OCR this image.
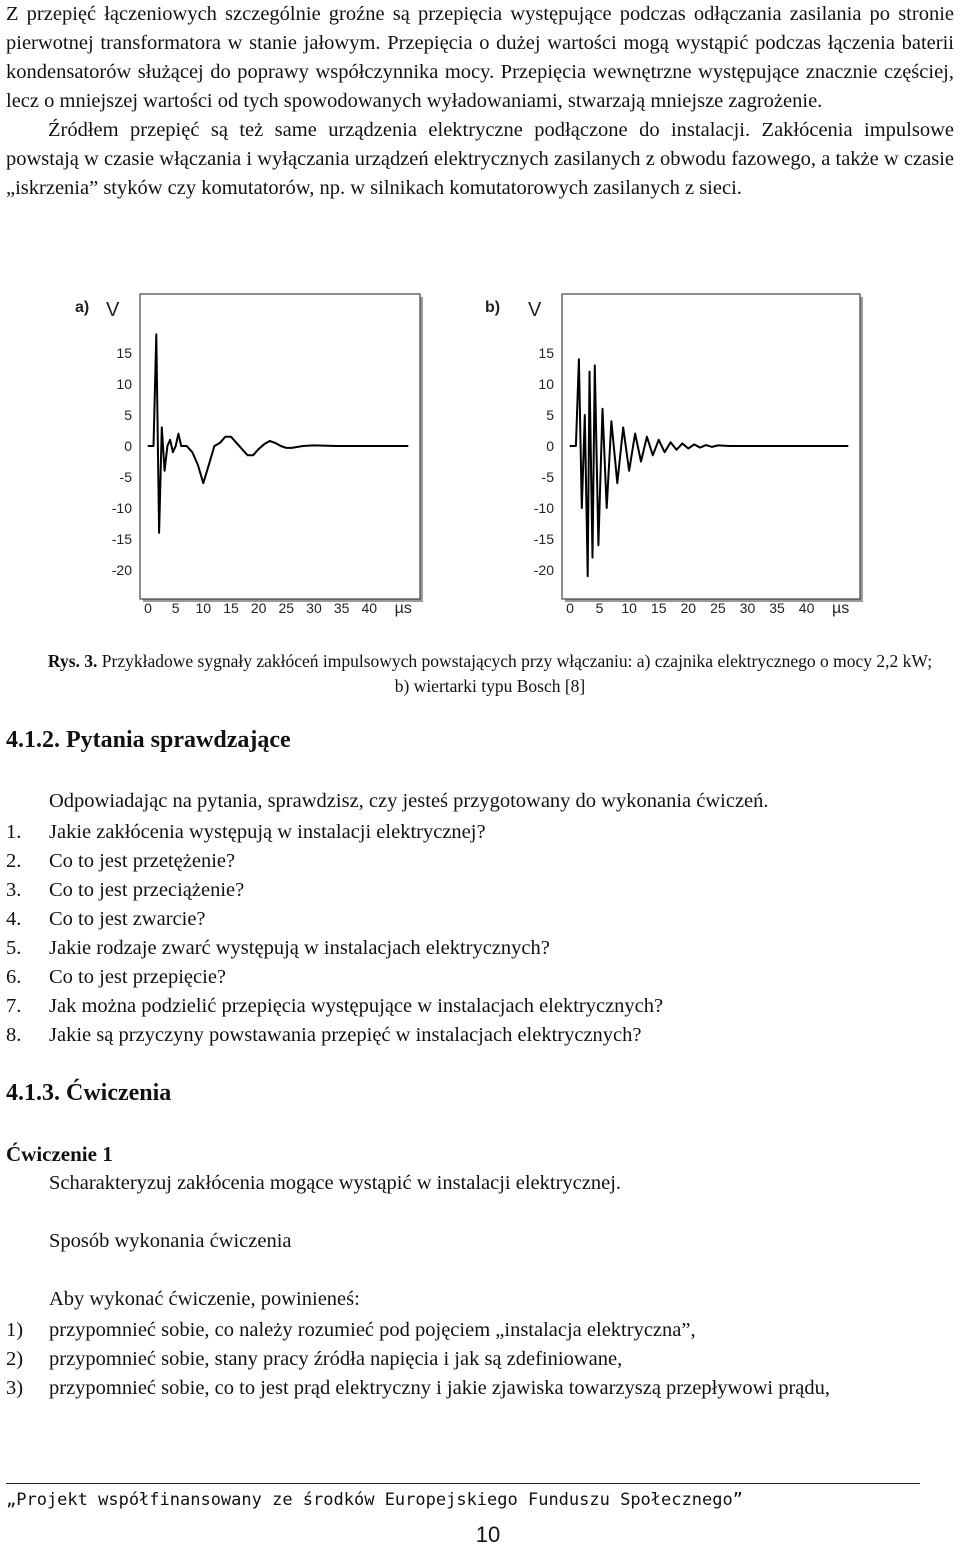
Z przepięć łączeniowych szczególnie groźne są przepięcia występujące podczas odłączania zasilania po stronie pierwotnej transformatora w stanie jałowym. Przepięcia o dużej wartości mogą wystąpić podczas łączenia baterii kondensatorów służącej do poprawy współczynnika mocy. Przepięcia wewnętrzne występujące znacznie częściej, lecz o mniejszej wartości od tych spowodowanych wyładowaniami, stwarzają mniejsze zagrożenie.

Źródłem przepięć są też same urządzenia elektryczne podłączone do instalacji. Zakłócenia impulsowe powstają w czasie włączania i wyłączania urządzeń elektrycznych zasilanych z obwodu fazowego, a także w czasie „iskrzenia” styków czy komutatorów, np. w silnikach komutatorowych zasilanych z sieci.

a) V
15
10
5
0
-5
-10
-15
-20
0 5 10 15 20 25 30 35 40 µs
b) V
15
10
5
0
-5
-10
-15
-20
0 5 10 15 20 25 30 35 40 µs
Rys. 3. Przykładowe sygnały zakłóceń impulsowych powstających przy włączaniu: a) czajnika elektrycznego o mocy 2,2 kW; b) wiertarki typu Bosch [8]
4.1.2. Pytania sprawdzające
Odpowiadając na pytania, sprawdzisz, czy jesteś przygotowany do wykonania ćwiczeń.
1.	Jakie zakłócenia występują w instalacji elektrycznej?
2.	Co to jest przetężenie?
3.	Co to jest przeciążenie?
4.	Co to jest zwarcie?
5.	Jakie rodzaje zwarć występują w instalacjach elektrycznych?
6.	Co to jest przepięcie?
7.	Jak można podzielić przepięcia występujące w instalacjach elektrycznych?
8.	Jakie są przyczyny powstawania przepięć w instalacjach elektrycznych?
4.1.3. Ćwiczenia
Ćwiczenie 1
Scharakteryzuj zakłócenia mogące wystąpić w instalacji elektrycznej.
Sposób wykonania ćwiczenia
Aby wykonać ćwiczenie, powinieneś:
1)	przypomnieć sobie, co należy rozumieć pod pojęciem „instalacja elektryczna”,
2)	przypomnieć sobie, stany pracy źródła napięcia i jak są zdefiniowane,
3)	przypomnieć sobie, co to jest prąd elektryczny i jakie zjawiska towarzyszą przepływowi prądu,
„Projekt współfinansowany ze środków Europejskiego Funduszu Społecznego”
10
